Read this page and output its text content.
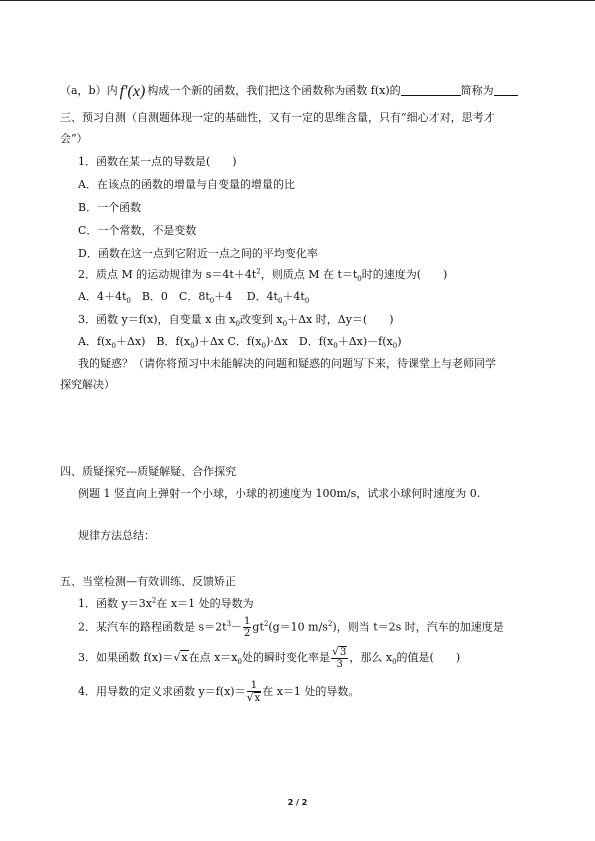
（a，b）内 f′(x) 构成一个新的函数，我们把这个函数称为函数 f(x)的	简称为
三、预习自测（自测题体现一定的基础性，又有一定的思维含量，只有“细心才对，思考才
会”）
1．函数在某一点的导数是(　　)
A．在该点的函数的增量与自变量的增量的比
B．一个函数
C．一个常数，不是变数
D．函数在这一点到它附近一点之间的平均变化率
2．质点 M 的运动规律为 $s=4t+4t^2$，则质点 M 在 $t=t_0$时的速度为(　　)
A．$4+4t_0$　B．0　C．$8t_0+4$　 D．$4t_0+4t_0$
3．函数 y＝f(x)，自变量 x 由 $x_0$改变到 $x_0+\Delta x$ 时，Δy＝(　　)
A．$f(x_0+\Delta x)$　B．$f(x_0)+\Delta x$ C．$f(x_0)\cdot\Delta x$　D．$f(x_0+\Delta x)-f(x_0)$
我的疑惑？（请你将预习中未能解决的问题和疑惑的问题写下来，待课堂上与老师同学
探究解决）
四、质疑探究---质疑解疑、合作探究
例题 1 竖直向上弹射一个小球，小球的初速度为 100m/s，试求小球何时速度为 0.
规律方法总结：
五、当堂检测—有效训练、反馈矫正
1．函数 $y=3x^2$在 x＝1 处的导数为
2．某汽车的路程函数是 $s=2t^3- \frac{1}{2} gt^2(g=10$ $m/s^2$)，则当 t＝2s 时，汽车的加速度是
3．如果函数 f(x)＝√x在点 $x=x_0$处的瞬时变化率是 $\frac{√3}{3}$ ，那么 $x_0$的值是(　　)
4．用导数的定义求函数 $y=f(x)= \frac{1}{√x}$ 在 x＝1 处的导数。
2 / 2
